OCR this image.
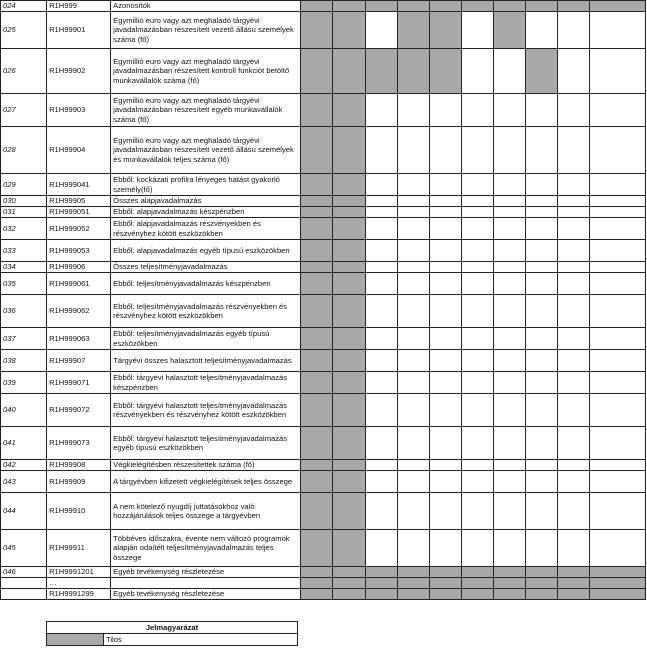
024	R1H999	Azonosítók										
025	R1H99901	Egymillió euro vagy azt meghaladó tárgyévi javadalmazásban részesített vezető állású személyek száma (fő)										
026	R1H99902	Egymillió euro vagy azt meghaladó tárgyévi javadalmazásban részesített kontroll funkciót betöltő munkavállalók száma (fő)										
027	R1H99903	Egymillió euro vagy azt meghaladó tárgyévi javadalmazásban részesített egyéb munkavállalók száma (fő)										
028	R1H99904	Egymillió euro vagy azt meghaladó tárgyévi javadalmazásban részesített vezető állású személyek és munkavállalók teljes száma (fő)										
029	R1H999041	Ebből: kockázati profilra lényeges hatást gyakorló személy(fő)										
030	R1H99905	Összes alapjavadalmazás										
031	R1H999051	Ebből: alapjavadalmazás készpénzben										
032	R1H999052	Ebből: alapjavadalmazás részvényekben és részvényhez kötött eszközökben										
033	R1H999053	Ebből: alapjavadalmazás egyéb típusú eszközökben										
034	R1H99906	Összes teljesítményjavadalmazás										
035	R1H999061	Ebből: teljesítményjavadalmazás készpénzben										
036	R1H999062	Ebből: teljesítményjavadalmazás részvényekben és részvényhez kötött eszközökben										
037	R1H999063	Ebből: teljesítményjavadalmazás egyéb típusú eszközökben										
038	R1H99907	Tárgyévi összes halasztott teljesítményjavadalmazás										
039	R1H999071	Ebből: tárgyévi halasztott teljesítményjavadalmazás készpénzben										
040	R1H999072	Ebből: tárgyévi halasztott teljesítményjavadalmazás részvényekben és részvényhez kötött eszközökben										
041	R1H999073	Ebből: tárgyévi halasztott teljesítményjavadalmazás egyéb típusú eszközökben										
042	R1H99908	Végkielégítésben részesítettek száma (fő)										
043	R1H99909	A tárgyévben kifizetett végkielégítések teljes összege										
044	R1H99910	A nem kötelező nyugdíj juttatásokhoz való hozzájárulások teljes összege a tárgyévben										
045	R1H99911	Többéves időszakra, évente nem változó programok alapján odaítélt teljesítményjavadalmazás teljes összege										
046	R1H9991201	Egyéb tevékenység részletezése										
	…											
	R1H9991299	Egyéb tevékenység részletezése										
Jelmagyarázat
	Tilos
